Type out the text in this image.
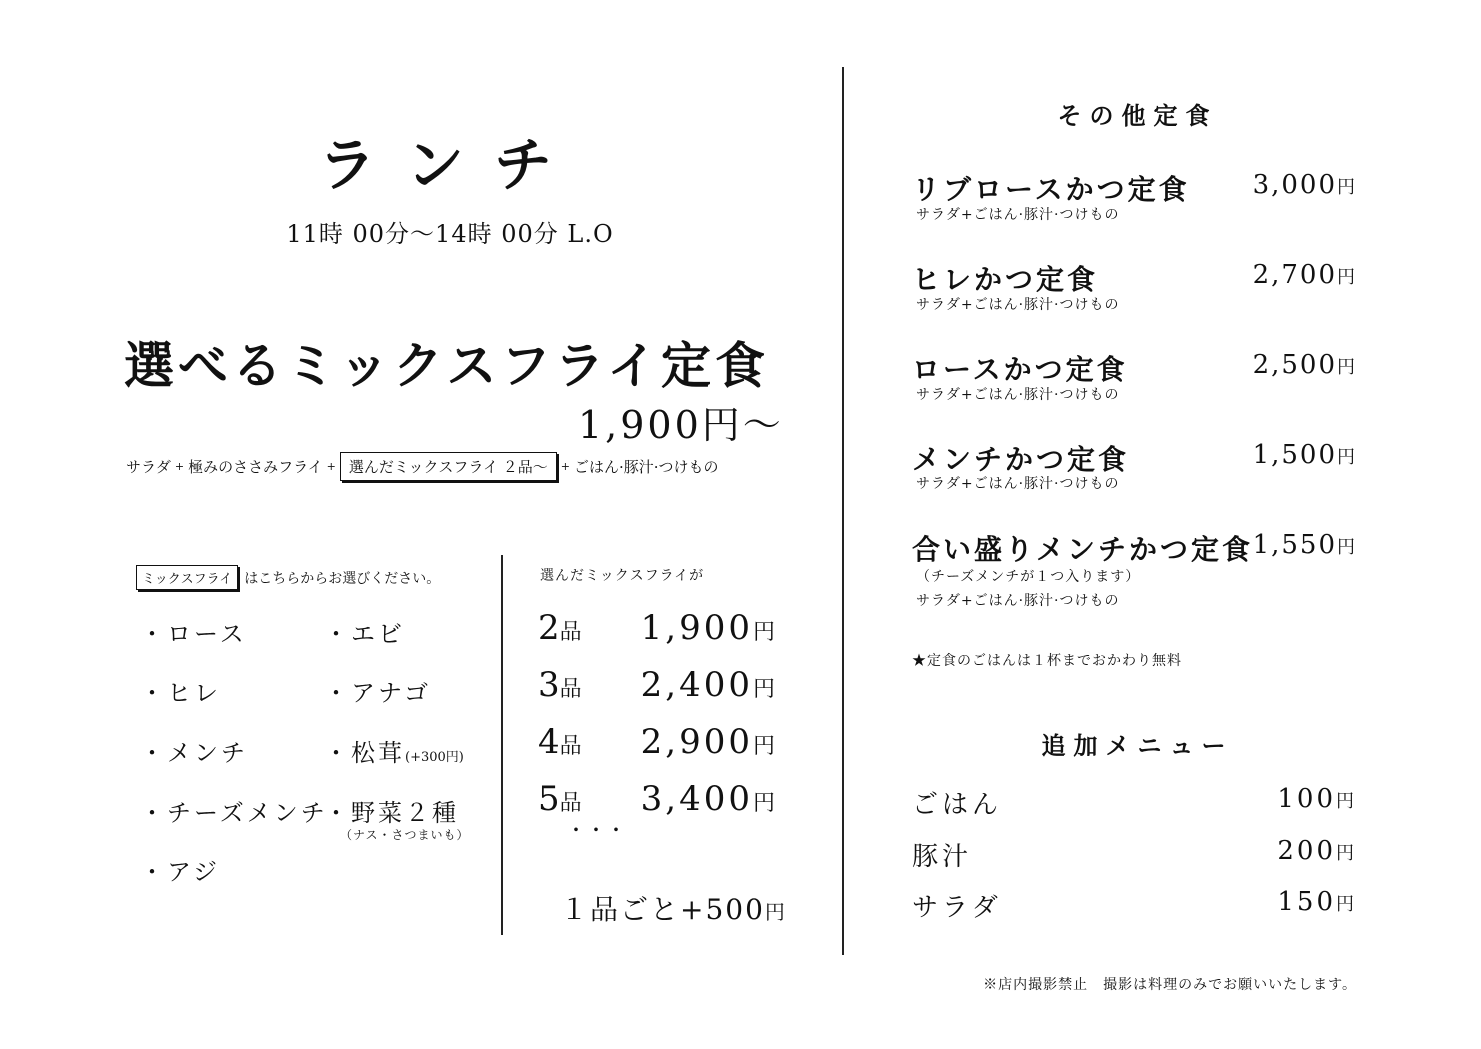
ランチ
11時 00分～14時 00分 L.O
選べるミックスフライ定食
1,900円～
サラダ + 極みのささみフライ + 選んだミックスフライ ２品～	+ ごはん·豚汁·つけもの
ミックスフライ はこちらからお選びください。
・ロース
・ヒレ
・メンチ
・チーズメンチ
・アジ
・エビ
・アナゴ
・松茸(+300円)
・野菜２種
（ナス・さつまいも）
選んだミックスフライが
2品 1,900円
3品 2,400円
4品 2,900円
5品 3,400円
・・・
１品ごと+500円
その他定食
リブロースかつ定食 3,000円
サラダ+ごはん·豚汁·つけもの
ヒレかつ定食	2,700円
サラダ+ごはん·豚汁·つけもの
ロースかつ定食	2,500円
サラダ+ごはん·豚汁·つけもの
メンチかつ定食	1,500円
サラダ+ごはん·豚汁·つけもの
合い盛りメンチかつ定食 1,550円
（チーズメンチが１つ入ります）
サラダ+ごはん·豚汁·つけもの
★定食のごはんは１杯までおかわり無料
追加メニュー
ごはん	100円
豚汁	200円
サラダ	150円
※店内撮影禁止　撮影は料理のみでお願いいたします。
